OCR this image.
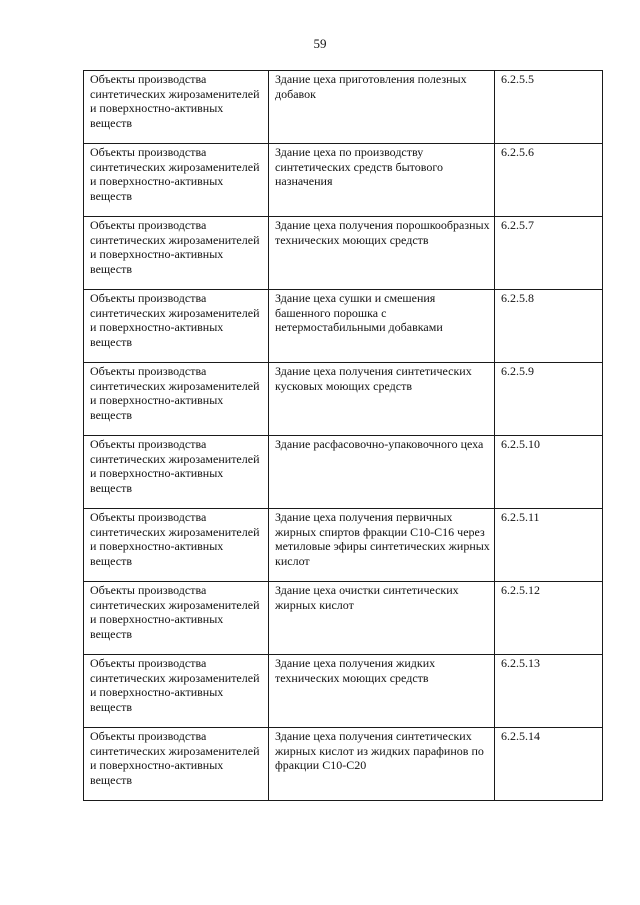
59
Объекты производства синтетических жирозаменителей и поверхностно-активных веществ	Здание цеха приготовления полезных добавок	6.2.5.5
Объекты производства синтетических жирозаменителей и поверхностно-активных веществ	Здание цеха по производству синтетических средств бытового назначения	6.2.5.6
Объекты производства синтетических жирозаменителей и поверхностно-активных веществ	Здание цеха получения порошкообразных технических моющих средств	6.2.5.7
Объекты производства синтетических жирозаменителей и поверхностно-активных веществ	Здание цеха сушки и смешения башенного порошка с нетермостабильными добавками	6.2.5.8
Объекты производства синтетических жирозаменителей и поверхностно-активных веществ	Здание цеха получения синтетических кусковых моющих средств	6.2.5.9
Объекты производства синтетических жирозаменителей и поверхностно-активных веществ	Здание расфасовочно-упаковочного цеха	6.2.5.10
Объекты производства синтетических жирозаменителей и поверхностно-активных веществ	Здание цеха получения первичных жирных спиртов фракции С10-С16 через метиловые эфиры синтетических жирных кислот	6.2.5.11
Объекты производства синтетических жирозаменителей и поверхностно-активных веществ	Здание цеха очистки синтетических жирных кислот	6.2.5.12
Объекты производства синтетических жирозаменителей и поверхностно-активных веществ	Здание цеха получения жидких технических моющих средств	6.2.5.13
Объекты производства синтетических жирозаменителей и поверхностно-активных веществ	Здание цеха получения синтетических жирных кислот из жидких парафинов по фракции С10-С20	6.2.5.14
